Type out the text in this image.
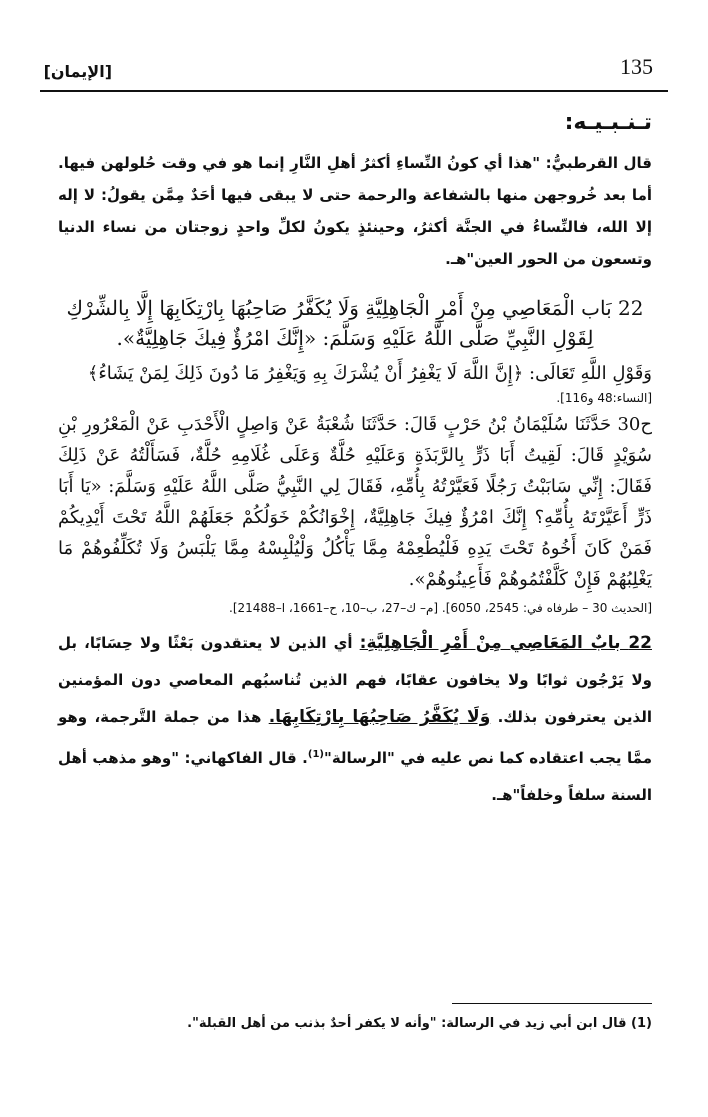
135
[الإيمان]
تـنـبـيـه:

قال القرطبيُّ: "هذا أي كونُ النِّساءِ أكثرُ أهلِ النَّارِ إنما هو في وقت حُلولهن فيها. أما بعد خُروجهن منها بالشفاعة والرحمة حتى لا يبقى فيها أحَدٌ مِمَّن يقولُ: لا إله إلا الله، فالنِّساءُ في الجنَّة أكثرُ، وحينئذٍ يكونُ لكلِّ واحدٍ زوجتان من نساء الدنيا وتسعون من الحور العين"هـ.

22 بَاب الْمَعَاصِي مِنْ أَمْرِ الْجَاهِلِيَّةِ وَلَا يُكَفَّرُ صَاحِبُهَا بِارْتِكَابِهَا إِلَّا بِالشِّرْكِ لِقَوْلِ النَّبِيِّ صَلَّى اللَّهُ عَلَيْهِ وَسَلَّمَ: «إِنَّكَ امْرُؤٌ فِيكَ جَاهِلِيَّةٌ».

وَقَوْلِ اللَّهِ تَعَالَى: ﴿إِنَّ اللَّهَ لَا يَغْفِرُ أَنْ يُشْرَكَ بِهِ وَيَغْفِرُ مَا دُونَ ذَلِكَ لِمَنْ يَشَاءُ﴾

[النساء:48 و116].

ح30 حَدَّثَنَا سُلَيْمَانُ بْنُ حَرْبٍ قَالَ: حَدَّثَنَا شُعْبَةُ عَنْ وَاصِلٍ الْأَحْدَبِ عَنْ الْمَعْرُورِ بْنِ سُوَيْدٍ قَالَ: لَقِيتُ أَبَا ذَرٍّ بِالرَّبَذَةِ وَعَلَيْهِ حُلَّةٌ وَعَلَى غُلَامِهِ حُلَّةٌ، فَسَأَلْتُهُ عَنْ ذَلِكَ فَقَالَ: إِنِّي سَابَبْتُ رَجُلًا فَعَيَّرْتُهُ بِأُمِّهِ، فَقَالَ لِي النَّبِيُّ صَلَّى اللَّهُ عَلَيْهِ وَسَلَّمَ: «يَا أَبَا ذَرٍّ أَعَيَّرْتَهُ بِأُمِّهِ؟ إِنَّكَ امْرُؤٌ فِيكَ جَاهِلِيَّةٌ، إِخْوَانُكُمْ خَوَلُكُمْ جَعَلَهُمْ اللَّهُ تَحْتَ أَيْدِيكُمْ فَمَنْ كَانَ أَخُوهُ تَحْتَ يَدِهِ فَلْيُطْعِمْهُ مِمَّا يَأْكُلُ وَلْيُلْبِسْهُ مِمَّا يَلْبَسُ وَلَا تُكَلِّفُوهُمْ مَا يَغْلِبُهُمْ فَإِنْ كَلَّفْتُمُوهُمْ فَأَعِينُوهُمْ».

[الحديث 30 – طرفاه في: 2545، 6050]. [م– ك–27، ب–10، ح–1661، ا–21488].

22 بابٌ المَعَاصِي مِنْ أَمْرِ الْجَاهِلِيَّةِ: أي الذين لا يعتقدون بَعْثًا ولا حِسَابًا، بل ولا يَرْجُون ثوابًا ولا يخافون عقابًا، فهم الذين تُناسبُهم المعاصي دون المؤمنين الذين يعترفون بذلك. وَلَا يُكَفَّرُ صَاحِبُهَا بِارْتِكَابِهَا. هذا من جملة التَّرجمة، وهو ممَّا يجب اعتقاده كما نص عليه في "الرسالة"$^{(1)}$. قال الفاكهاني: "وهو مذهب أهل السنة سلفاً وخلفاً"هـ.

(1) قال ابن أبي زيد في الرسالة: "وأنه لا يكفر أحدٌ بذنب من أهل القبلة".
